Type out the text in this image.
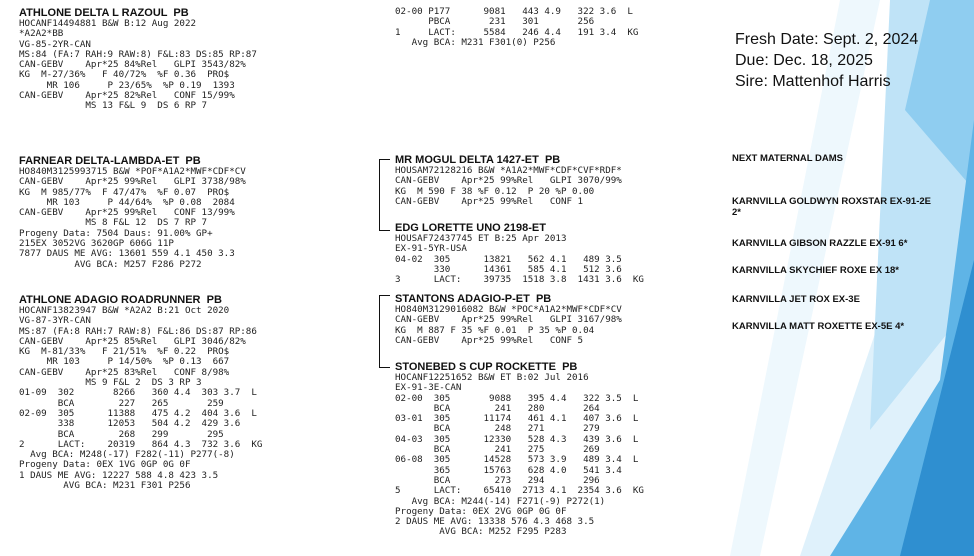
ATHLONE DELTA L RAZOUL  PB
HOCANF14494881 B&W B:12 Aug 2022
*A2A2*BB
VG-85-2YR-CAN
MS:84 (FA:7 RAH:9 RAW:8) F&L:83 DS:85 RP:87
CAN-GEBV    Apr*25 84%Rel   GLPI 3543/82%
KG  M-27/36%   F 40/72%  %F 0.36  PRO$
MR 106     P 23/65%  %P 0.19  1393
CAN-GEBV    Apr*25 82%Rel   CONF 15/99%
MS 13 F&L 9  DS 6 RP 7
FARNEAR DELTA-LAMBDA-ET  PB
HO840M3125993715 B&W *POF*A1A2*MWF*CDF*CV
CAN-GEBV    Apr*25 99%Rel   GLPI 3738/98%
KG  M 985/77%  F 47/47%  %F 0.07  PRO$
MR 103     P 44/64%  %P 0.08  2084
CAN-GEBV    Apr*25 99%Rel   CONF 13/99%
MS 8 F&L 12  DS 7 RP 7
Progeny Data: 7504 Daus: 91.00% GP+
215EX 3052VG 3620GP 606G 11P
7877 DAUS ME AVG: 13601 559 4.1 450 3.3
AVG BCA: M257 F286 P272
ATHLONE ADAGIO ROADRUNNER  PB
HOCANF13823947 B&W *A2A2 B:21 Oct 2020
VG-87-3YR-CAN
MS:87 (FA:8 RAH:7 RAW:8) F&L:86 DS:87 RP:86
CAN-GEBV    Apr*25 85%Rel   GLPI 3046/82%
KG  M-81/33%   F 21/51%  %F 0.22  PRO$
MR 103     P 14/50%  %P 0.13  667
CAN-GEBV    Apr*25 83%Rel   CONF 8/98%
MS 9 F&L 2  DS 3 RP 3
01-09  302       8266   360 4.4  303 3.7  L
BCA        227   265       259
02-09  305      11388   475 4.2  404 3.6  L
338      12053   504 4.2  429 3.6
BCA        268   299       295
2      LACT:    20319   864 4.3  732 3.6  KG
Avg BCA: M248(-17) F282(-11) P277(-8)
Progeny Data: 0EX 1VG 0GP 0G 0F
1 DAUS ME AVG: 12227 588 4.8 423 3.5
AVG BCA: M231 F301 P256
02-00 P177      9081   443 4.9   322 3.6  L
PBCA       231   301       256
1     LACT:     5584   246 4.4   191 3.4  KG
Avg BCA: M231 F301(0) P256
MR MOGUL DELTA 1427-ET  PB
HOUSAM72128216 B&W *A1A2*MWF*CDF*CVF*RDF*
CAN-GEBV    Apr*25 99%Rel   GLPI 3070/99%
KG  M 590 F 38 %F 0.12  P 20 %P 0.00
CAN-GEBV    Apr*25 99%Rel   CONF 1
EDG LORETTE UNO 2198-ET
HOUSAF72437745 ET B:25 Apr 2013
EX-91-5YR-USA
04-02  305      13821   562 4.1   489 3.5
330      14361   585 4.1   512 3.6
3      LACT:    39735  1518 3.8  1431 3.6  KG
STANTONS ADAGIO-P-ET  PB
HO840M3129016082 B&W *POC*A1A2*MWF*CDF*CV
CAN-GEBV    Apr*25 99%Rel   GLPI 3167/98%
KG  M 887 F 35 %F 0.01  P 35 %P 0.04
CAN-GEBV    Apr*25 99%Rel   CONF 5
STONEBED S CUP ROCKETTE  PB
HOCANF12251652 B&W ET B:02 Jul 2016
EX-91-3E-CAN
02-00  305       9088   395 4.4   322 3.5  L
BCA        241   280       264
03-01  305      11174   461 4.1   407 3.6  L
BCA        248   271       279
04-03  305      12330   528 4.3   439 3.6  L
BCA        241   275       269
06-08  305      14528   573 3.9   489 3.4  L
365      15763   628 4.0   541 3.4
BCA        273   294       296
5      LACT:    65410  2713 4.1  2354 3.6  KG
Avg BCA: M244(-14) F271(-9) P272(1)
Progeny Data: 0EX 2VG 0GP 0G 0F
2 DAUS ME AVG: 13338 576 4.3 468 3.5
AVG BCA: M252 F295 P283
Fresh Date: Sept. 2, 2024
Due: Dec. 18, 2025
Sire: Mattenhof Harris
NEXT MATERNAL DAMS
KARNVILLA GOLDWYN ROXSTAR EX-91-2E
2*
KARNVILLA GIBSON RAZZLE EX-91 6*
KARNVILLA SKYCHIEF ROXE EX 18*
KARNVILLA JET ROX EX-3E
KARNVILLA MATT ROXETTE EX-5E 4*
